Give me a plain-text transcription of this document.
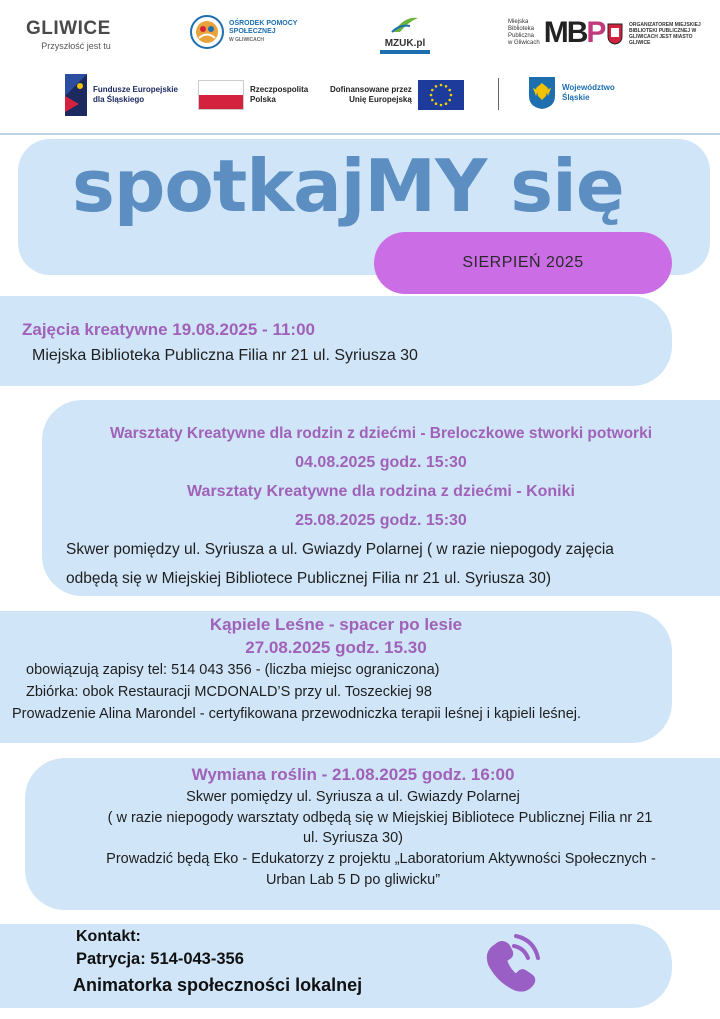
GLIWICE
Przyszłość jest tu
OŚRODEK POMOCY
SPOŁECZNEJ
W GLIWICACH	MZUK.pl
Miejska
Biblioteka
Publiczna
w Gliwicach MBP	ORGANIZATOREM MIEJSKIEJ BIBLIOTEKI PUBLICZNEJ W GLIWICACH JEST MIASTO GLIWICE
Fundusze Europejskie
dla Śląskiego
Rzeczpospolita
Polska
Dofinansowane przez
Unię Europejską
Województwo
Śląskie
spotkajMY się
SIERPIEŃ 2025
Zajęcia kreatywne 19.08.2025 - 11:00
Miejska Biblioteka Publiczna Filia nr 21 ul. Syriusza 30
Warsztaty Kreatywne dla rodzin z dziećmi - Breloczkowe stworki potworki
04.08.2025 godz. 15:30
Warsztaty Kreatywne dla rodzina z dziećmi - Koniki
25.08.2025 godz. 15:30
Skwer pomiędzy ul. Syriusza a ul. Gwiazdy Polarnej ( w razie niepogody zajęcia
odbędą się w Miejskiej Bibliotece Publicznej Filia nr 21 ul. Syriusza 30)
Kąpiele Leśne - spacer po lesie
27.08.2025 godz. 15.30
obowiązują zapisy tel: 514 043 356 - (liczba miejsc ograniczona)
Zbiórka: obok Restauracji MCDONALD’S przy ul. Toszeckiej 98
Prowadzenie Alina Marondel - certyfikowana przewodniczka terapii leśnej i kąpieli leśnej.
Wymiana roślin - 21.08.2025 godz. 16:00
Skwer pomiędzy ul. Syriusza a ul. Gwiazdy Polarnej
( w razie niepogody warsztaty odbędą się w Miejskiej Bibliotece Publicznej Filia nr 21
ul. Syriusza 30)
Prowadzić będą Eko - Edukatorzy z projektu „Laboratorium Aktywności Społecznych -
Urban Lab 5 D po gliwicku”
Kontakt:
Patrycja: 514-043-356
Animatorka społeczności lokalnej
